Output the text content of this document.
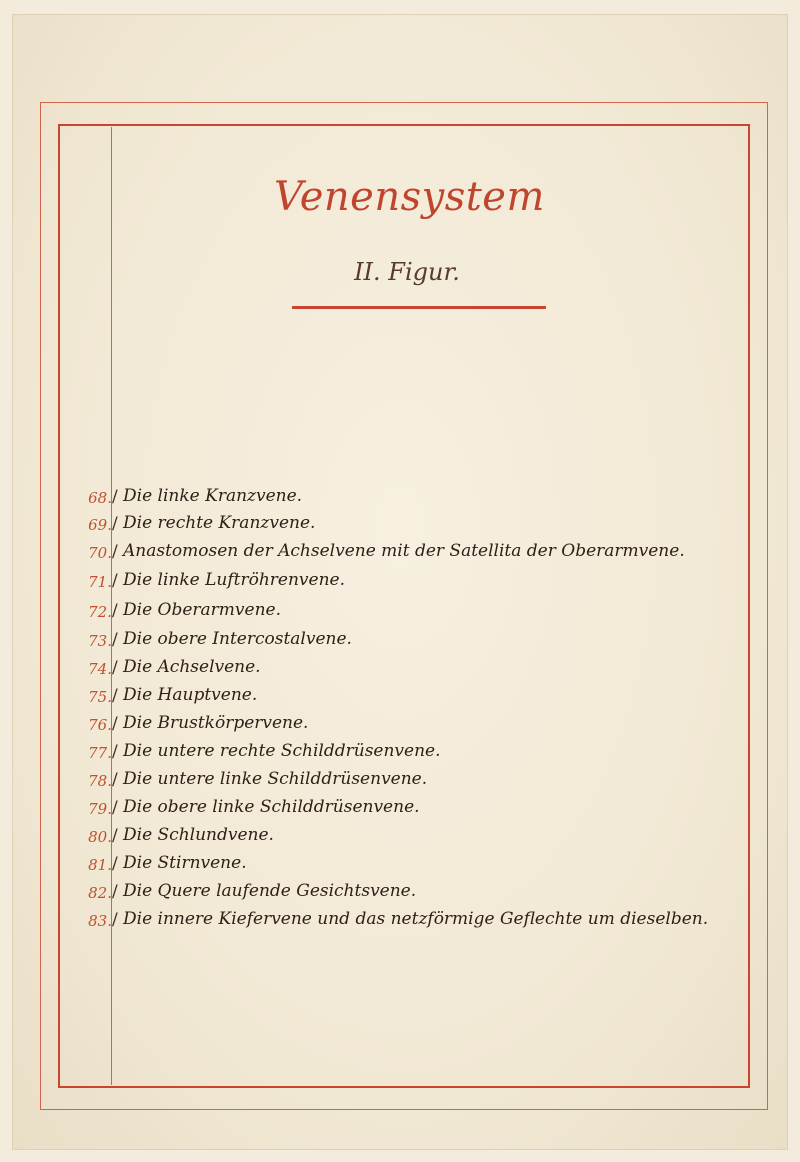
Venensystem
II. Figur.
68. / Die linke Kranzvene.
69. / Die rechte Kranzvene.
70. / Anastomosen der Achselvene mit der Satellita der Oberarmvene.
71. / Die linke Luftröhrenvene.
72. / Die Oberarmvene.
73. / Die obere Intercostalvene.
74. / Die Achselvene.
75. / Die Hauptvene.
76. / Die Brustkörpervene.
77. / Die untere rechte Schilddrüsenvene.
78. / Die untere linke Schilddrüsenvene.
79. / Die obere linke Schilddrüsenvene.
80. / Die Schlundvene.
81. / Die Stirnvene.
82. / Die Quere laufende Gesichtsvene.
83. / Die innere Kiefervene und das netzförmige Geflechte um dieselben.
